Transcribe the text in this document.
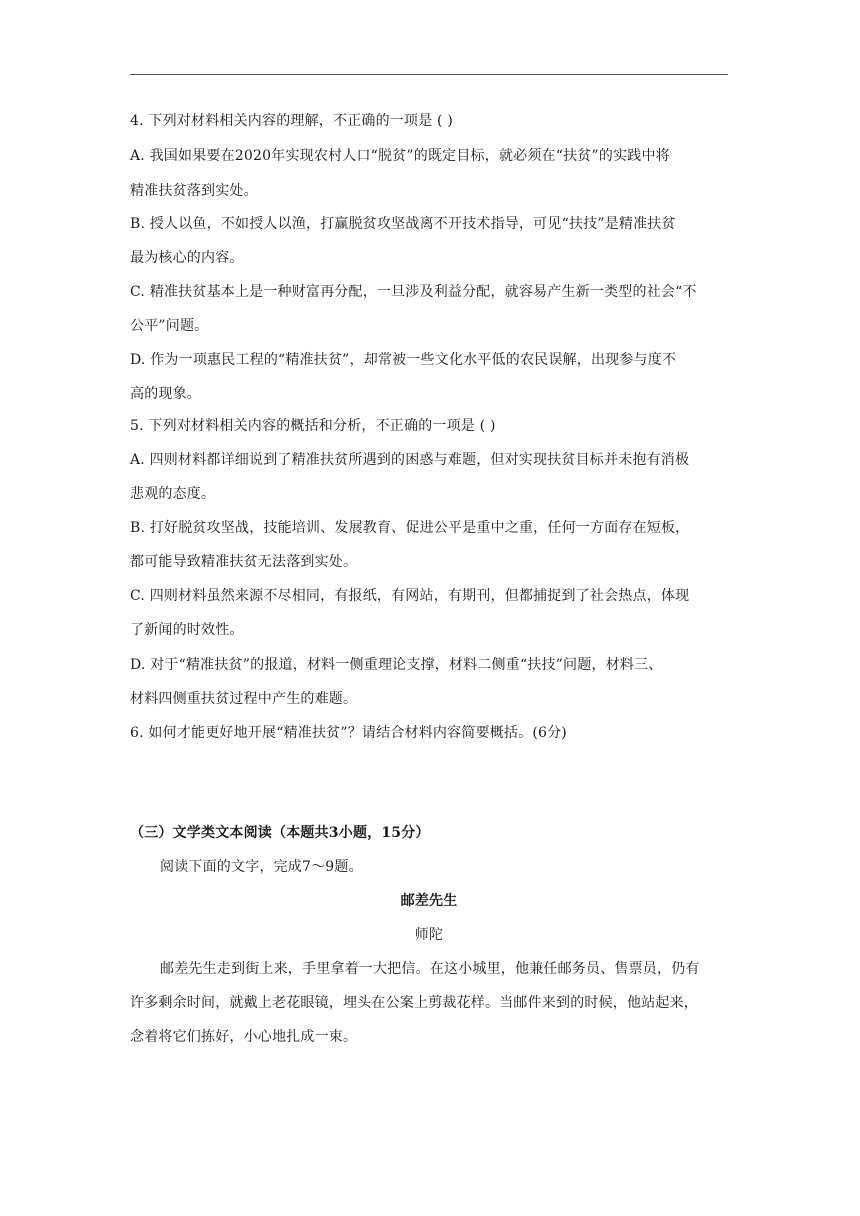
4. 下列对材料相关内容的理解，不正确的一项是 ( )
A. 我国如果要在2020年实现农村人口“脱贫”的既定目标，就必须在“扶贫”的实践中将
精准扶贫落到实处。
B. 授人以鱼，不如授人以渔，打赢脱贫攻坚战离不开技术指导，可见“扶技”是精准扶贫
最为核心的内容。
C. 精准扶贫基本上是一种财富再分配，一旦涉及利益分配，就容易产生新一类型的社会“不
公平”问题。
D. 作为一项惠民工程的“精准扶贫”，却常被一些文化水平低的农民误解，出现参与度不
高的现象。
5. 下列对材料相关内容的概括和分析，不正确的一项是 ( )
A. 四则材料都详细说到了精准扶贫所遇到的困惑与难题，但对实现扶贫目标并未抱有消极
悲观的态度。
B. 打好脱贫攻坚战，技能培训、发展教育、促进公平是重中之重，任何一方面存在短板，
都可能导致精准扶贫无法落到实处。
C. 四则材料虽然来源不尽相同，有报纸，有网站，有期刊，但都捕捉到了社会热点，体现
了新闻的时效性。
D. 对于“精准扶贫”的报道，材料一侧重理论支撑，材料二侧重“扶技”问题，材料三、
材料四侧重扶贫过程中产生的难题。
6. 如何才能更好地开展“精准扶贫”？请结合材料内容简要概括。(6分)
（三）文学类文本阅读（本题共3小题，15分）
阅读下面的文字，完成7～9题。
邮差先生
师陀
邮差先生走到街上来，手里拿着一大把信。在这小城里，他兼任邮务员、售票员，仍有
许多剩余时间，就戴上老花眼镜，埋头在公案上剪裁花样。当邮件来到的时候，他站起来，
念着将它们拣好，小心地扎成一束。
